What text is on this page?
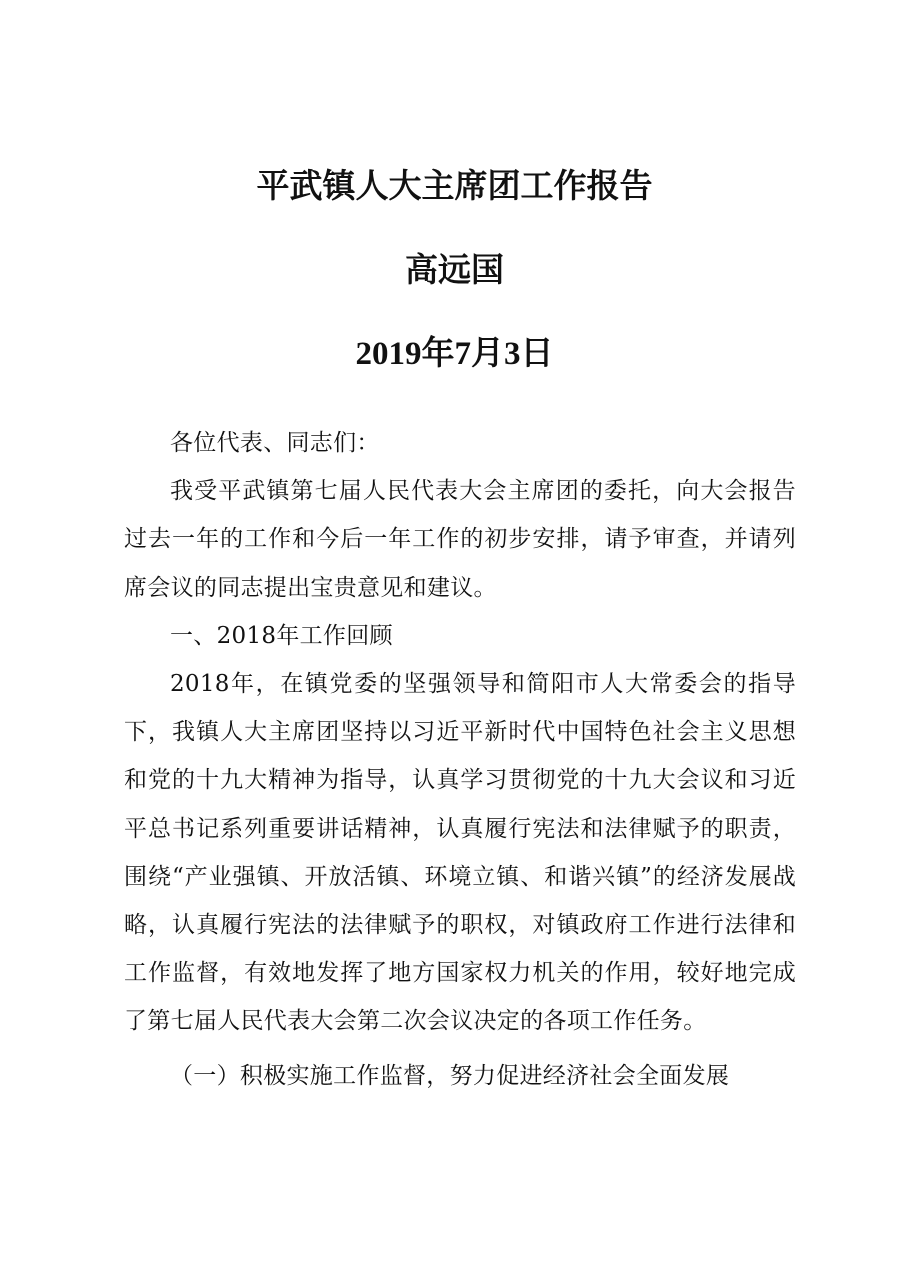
平武镇人大主席团工作报告
高远国
2019年7月3日

各位代表、同志们：

我受平武镇第七届人民代表大会主席团的委托，向大会报告过去一年的工作和今后一年工作的初步安排，请予审查，并请列席会议的同志提出宝贵意见和建议。

一、2018年工作回顾

2018年，在镇党委的坚强领导和简阳市人大常委会的指导下，我镇人大主席团坚持以习近平新时代中国特色社会主义思想和党的十九大精神为指导，认真学习贯彻党的十九大会议和习近平总书记系列重要讲话精神，认真履行宪法和法律赋予的职责，围绕“产业强镇、开放活镇、环境立镇、和谐兴镇”的经济发展战略，认真履行宪法的法律赋予的职权，对镇政府工作进行法律和工作监督，有效地发挥了地方国家权力机关的作用，较好地完成了第七届人民代表大会第二次会议决定的各项工作任务。

（一）积极实施工作监督，努力促进经济社会全面发展
